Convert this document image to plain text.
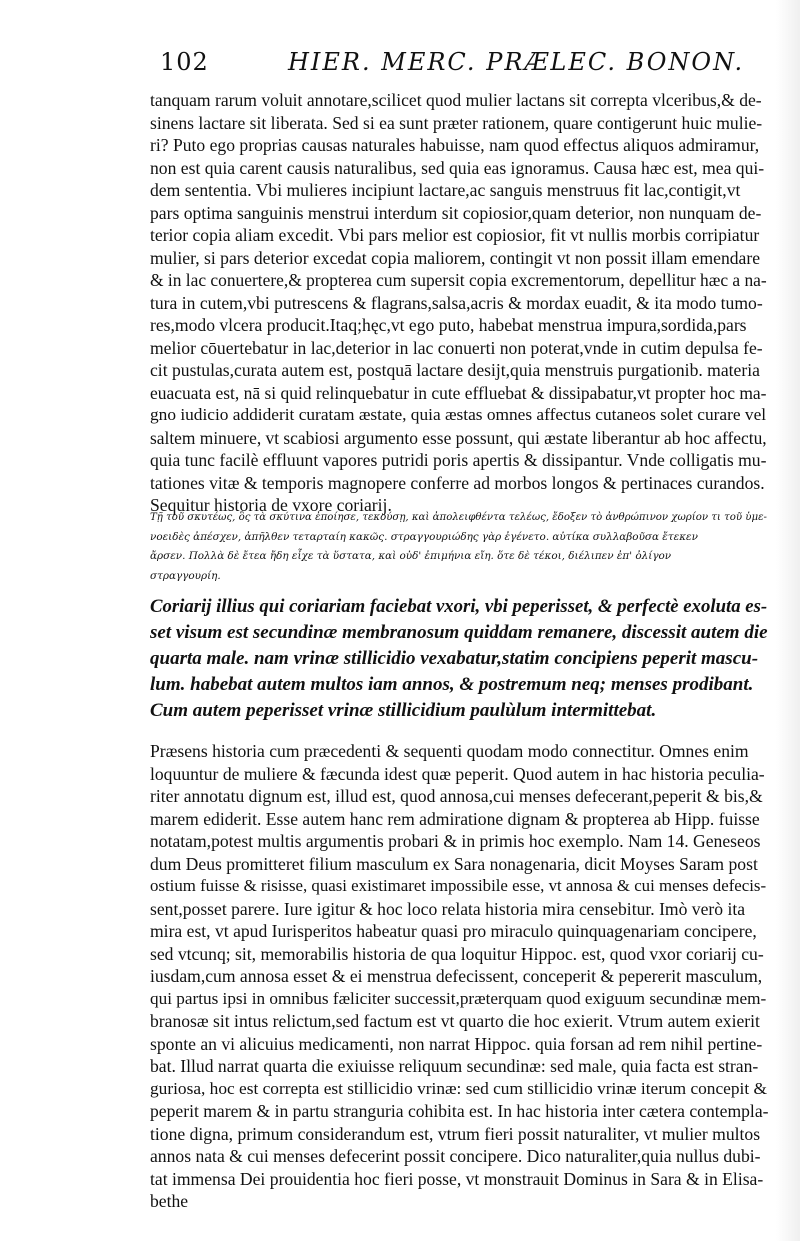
102	HIER. MERC. PRÆLEC. BONON.
tanquam rarum voluit annotare,scilicet quod mulier lactans sit correpta vlceribus,& de-
sinens lactare sit liberata. Sed si ea sunt præter rationem, quare contigerunt huic mulie-
ri? Puto ego proprias causas naturales habuisse, nam quod effectus aliquos admiramur,
non est quia carent causis naturalibus, sed quia eas ignoramus. Causa hæc est, mea qui-
dem sententia. Vbi mulieres incipiunt lactare,ac sanguis menstruus fit lac,contigit,vt
pars optima sanguinis menstrui interdum sit copiosior,quam deterior, non nunquam de-
terior copia aliam excedit. Vbi pars melior est copiosior, fit vt nullis morbis corripiatur
mulier, si pars deterior excedat copia maliorem, contingit vt non possit illam emendare
& in lac conuertere,& propterea cum supersit copia excrementorum, depellitur hæc a na-
tura in cutem,vbi putrescens & flagrans,salsa,acris & mordax euadit, & ita modo tumo-
res,modo vlcera producit.Itaq;hęc,vt ego puto, habebat menstrua impura,sordida,pars
melior cōuertebatur in lac,deterior in lac conuerti non poterat,vnde in cutim depulsa fe-
cit pustulas,curata autem est, postquā lactare desijt,quia menstruis purgationib. materia
euacuata est, nā si quid relinquebatur in cute effluebat & dissipabatur,vt propter hoc ma-
gno iudicio addiderit curatam æstate, quia æstas omnes affectus cutaneos solet curare vel
saltem minuere, vt scabiosi argumento esse possunt, qui æstate liberantur ab hoc affectu,
quia tunc facilè effluunt vapores putridi poris apertis & dissipantur. Vnde colligatis mu-
tationes vitæ & temporis magnopere conferre ad morbos longos & pertinaces curandos.
Sequitur historia de vxore coriarij.
Τῇ τοῦ σκυτέως, ὃς τὰ σκύτινα ἐποίησε, τεκούσῃ, καὶ ἀπολειφθέντα τελέως, ἔδοξεν τὸ ἀνθρώπινον χωρίον τι τοῦ ὑμε-
νοειδὲς ἀπέσχεν, ἀπῆλθεν τεταρταίη κακῶς. στραγγουριώδης γὰρ ἐγένετο. αὐτίκα συλλαβοῦσα ἔτεκεν
ἄρσεν. Πολλὰ δὲ ἔτεα ἤδη εἶχε τὰ ὕστατα, καὶ οὐδ' ἐπιμήνια εἴη. ὅτε δὲ τέκοι, διέλιπεν ἐπ' ὀλίγον
στραγγουρίη.
Coriarij illius qui coriariam faciebat vxori, vbi peperisset, & perfectè exoluta es-
set visum est secundinæ membranosum quiddam remanere, discessit autem die
quarta male. nam vrinæ stillicidio vexabatur,statim concipiens peperit mascu-
lum. habebat autem multos iam annos, & postremum neq; menses prodibant.
Cum autem peperisset vrinæ stillicidium paulùlum intermittebat.
Præsens historia cum præcedenti & sequenti quodam modo connectitur. Omnes enim
loquuntur de muliere & fæcunda idest quæ peperit. Quod autem in hac historia peculia-
riter annotatu dignum est, illud est, quod annosa,cui menses defecerant,peperit & bis,&
marem ediderit. Esse autem hanc rem admiratione dignam & propterea ab Hipp. fuisse
notatam,potest multis argumentis probari & in primis hoc exemplo. Nam 14. Geneseos
dum Deus promitteret filium masculum ex Sara nonagenaria, dicit Moyses Saram post
ostium fuisse & risisse, quasi existimaret impossibile esse, vt annosa & cui menses defecis-
sent,posset parere. Iure igitur & hoc loco relata historia mira censebitur. Imò verò ita
mira est, vt apud Iurisperitos habeatur quasi pro miraculo quinquagenariam concipere,
sed vtcunq; sit, memorabilis historia de qua loquitur Hippoc. est, quod vxor coriarij cu-
iusdam,cum annosa esset & ei menstrua defecissent, conceperit & pepererit masculum,
qui partus ipsi in omnibus fæliciter successit,præterquam quod exiguum secundinæ mem-
branosæ sit intus relictum,sed factum est vt quarto die hoc exierit. Vtrum autem exierit
sponte an vi alicuius medicamenti, non narrat Hippoc. quia forsan ad rem nihil pertine-
bat. Illud narrat quarta die exiuisse reliquum secundinæ: sed male, quia facta est stran-
guriosa, hoc est correpta est stillicidio vrinæ: sed cum stillicidio vrinæ iterum concepit &
peperit marem & in partu stranguria cohibita est. In hac historia inter cætera contempla-
tione digna, primum considerandum est, vtrum fieri possit naturaliter, vt mulier multos
annos nata & cui menses defecerint possit concipere. Dico naturaliter,quia nullus dubi-
tat immensa Dei prouidentia hoc fieri posse, vt monstrauit Dominus in Sara & in Elisa-
bethe
